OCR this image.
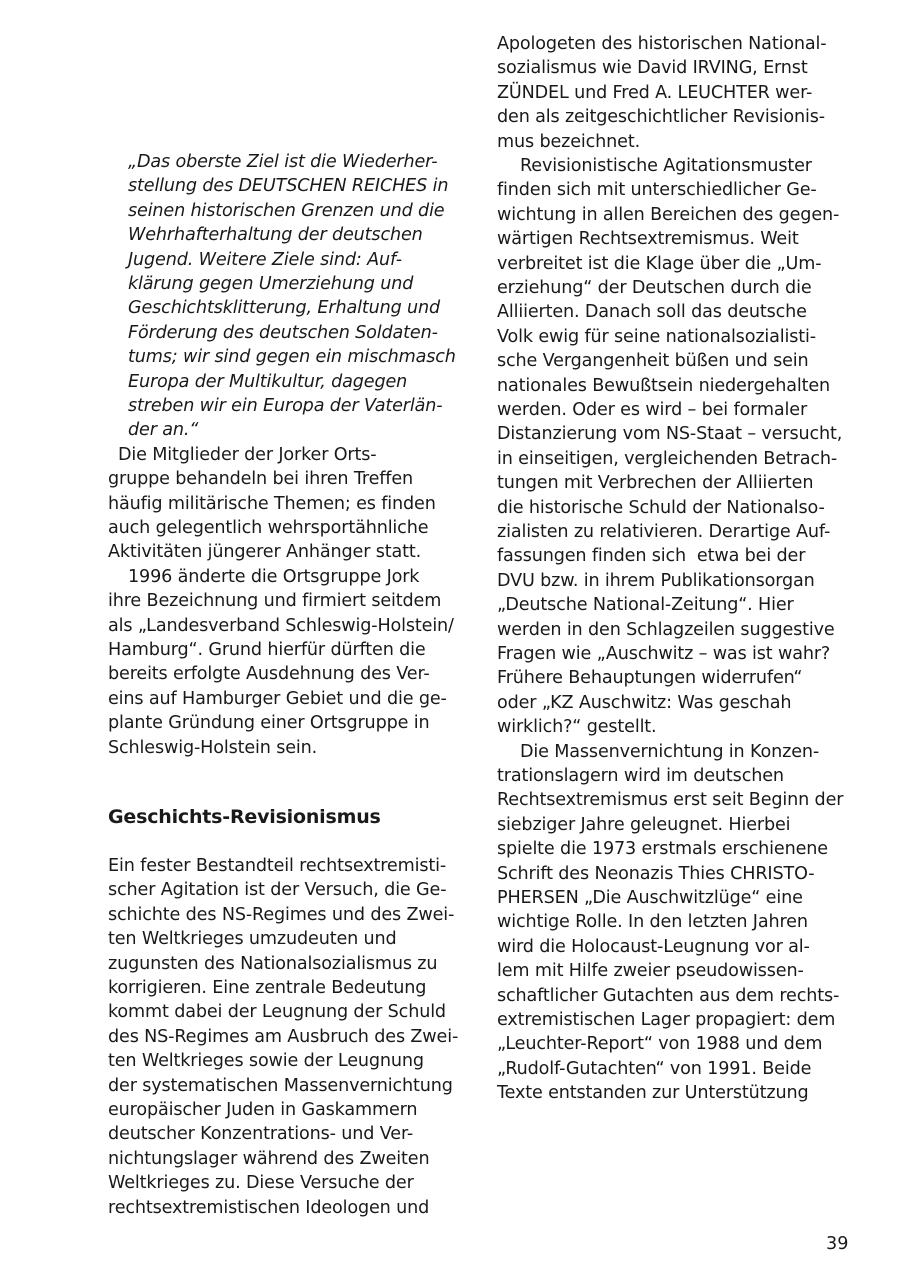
„Das oberste Ziel ist die Wiederher-
stellung des DEUTSCHEN REICHES in
seinen historischen Grenzen und die
Wehrhafterhaltung der deutschen
Jugend. Weitere Ziele sind: Auf-
klärung gegen Umerziehung und
Geschichtsklitterung, Erhaltung und
Förderung des deutschen Soldaten-
tums; wir sind gegen ein mischmasch
Europa der Multikultur, dagegen
streben wir ein Europa der Vaterlän-
der an.“
Die Mitglieder der Jorker Orts-
gruppe behandeln bei ihren Treffen
häufig militärische Themen; es finden
auch gelegentlich wehrsportähnliche
Aktivitäten jüngerer Anhänger statt.
1996 änderte die Ortsgruppe Jork
ihre Bezeichnung und firmiert seitdem
als „Landesverband Schleswig-Holstein/
Hamburg“. Grund hierfür dürften die
bereits erfolgte Ausdehnung des Ver-
eins auf Hamburger Gebiet und die ge-
plante Gründung einer Ortsgruppe in
Schleswig-Holstein sein.
Geschichts-Revisionismus
Ein fester Bestandteil rechtsextremisti-
scher Agitation ist der Versuch, die Ge-
schichte des NS-Regimes und des Zwei-
ten Weltkrieges umzudeuten und
zugunsten des Nationalsozialismus zu
korrigieren. Eine zentrale Bedeutung
kommt dabei der Leugnung der Schuld
des NS-Regimes am Ausbruch des Zwei-
ten Weltkrieges sowie der Leugnung
der systematischen Massenvernichtung
europäischer Juden in Gaskammern
deutscher Konzentrations- und Ver-
nichtungslager während des Zweiten
Weltkrieges zu. Diese Versuche der
rechtsextremistischen Ideologen und
Apologeten des historischen National-
sozialismus wie David IRVING, Ernst
ZÜNDEL und Fred A. LEUCHTER wer-
den als zeitgeschichtlicher Revisionis-
mus bezeichnet.
Revisionistische Agitationsmuster
finden sich mit unterschiedlicher Ge-
wichtung in allen Bereichen des gegen-
wärtigen Rechtsextremismus. Weit
verbreitet ist die Klage über die „Um-
erziehung“ der Deutschen durch die
Alliierten. Danach soll das deutsche
Volk ewig für seine nationalsozialisti-
sche Vergangenheit büßen und sein
nationales Bewußtsein niedergehalten
werden. Oder es wird – bei formaler
Distanzierung vom NS-Staat – versucht,
in einseitigen, vergleichenden Betrach-
tungen mit Verbrechen der Alliierten
die historische Schuld der Nationalso-
zialisten zu relativieren. Derartige Auf-
fassungen finden sich  etwa bei der
DVU bzw. in ihrem Publikationsorgan
„Deutsche National-Zeitung“. Hier
werden in den Schlagzeilen suggestive
Fragen wie „Auschwitz – was ist wahr?
Frühere Behauptungen widerrufen“
oder „KZ Auschwitz: Was geschah
wirklich?“ gestellt.
Die Massenvernichtung in Konzen-
trationslagern wird im deutschen
Rechtsextremismus erst seit Beginn der
siebziger Jahre geleugnet. Hierbei
spielte die 1973 erstmals erschienene
Schrift des Neonazis Thies CHRISTO-
PHERSEN „Die Auschwitzlüge“ eine
wichtige Rolle. In den letzten Jahren
wird die Holocaust-Leugnung vor al-
lem mit Hilfe zweier pseudowissen-
schaftlicher Gutachten aus dem rechts-
extremistischen Lager propagiert: dem
„Leuchter-Report“ von 1988 und dem
„Rudolf-Gutachten“ von 1991. Beide
Texte entstanden zur Unterstützung
39
